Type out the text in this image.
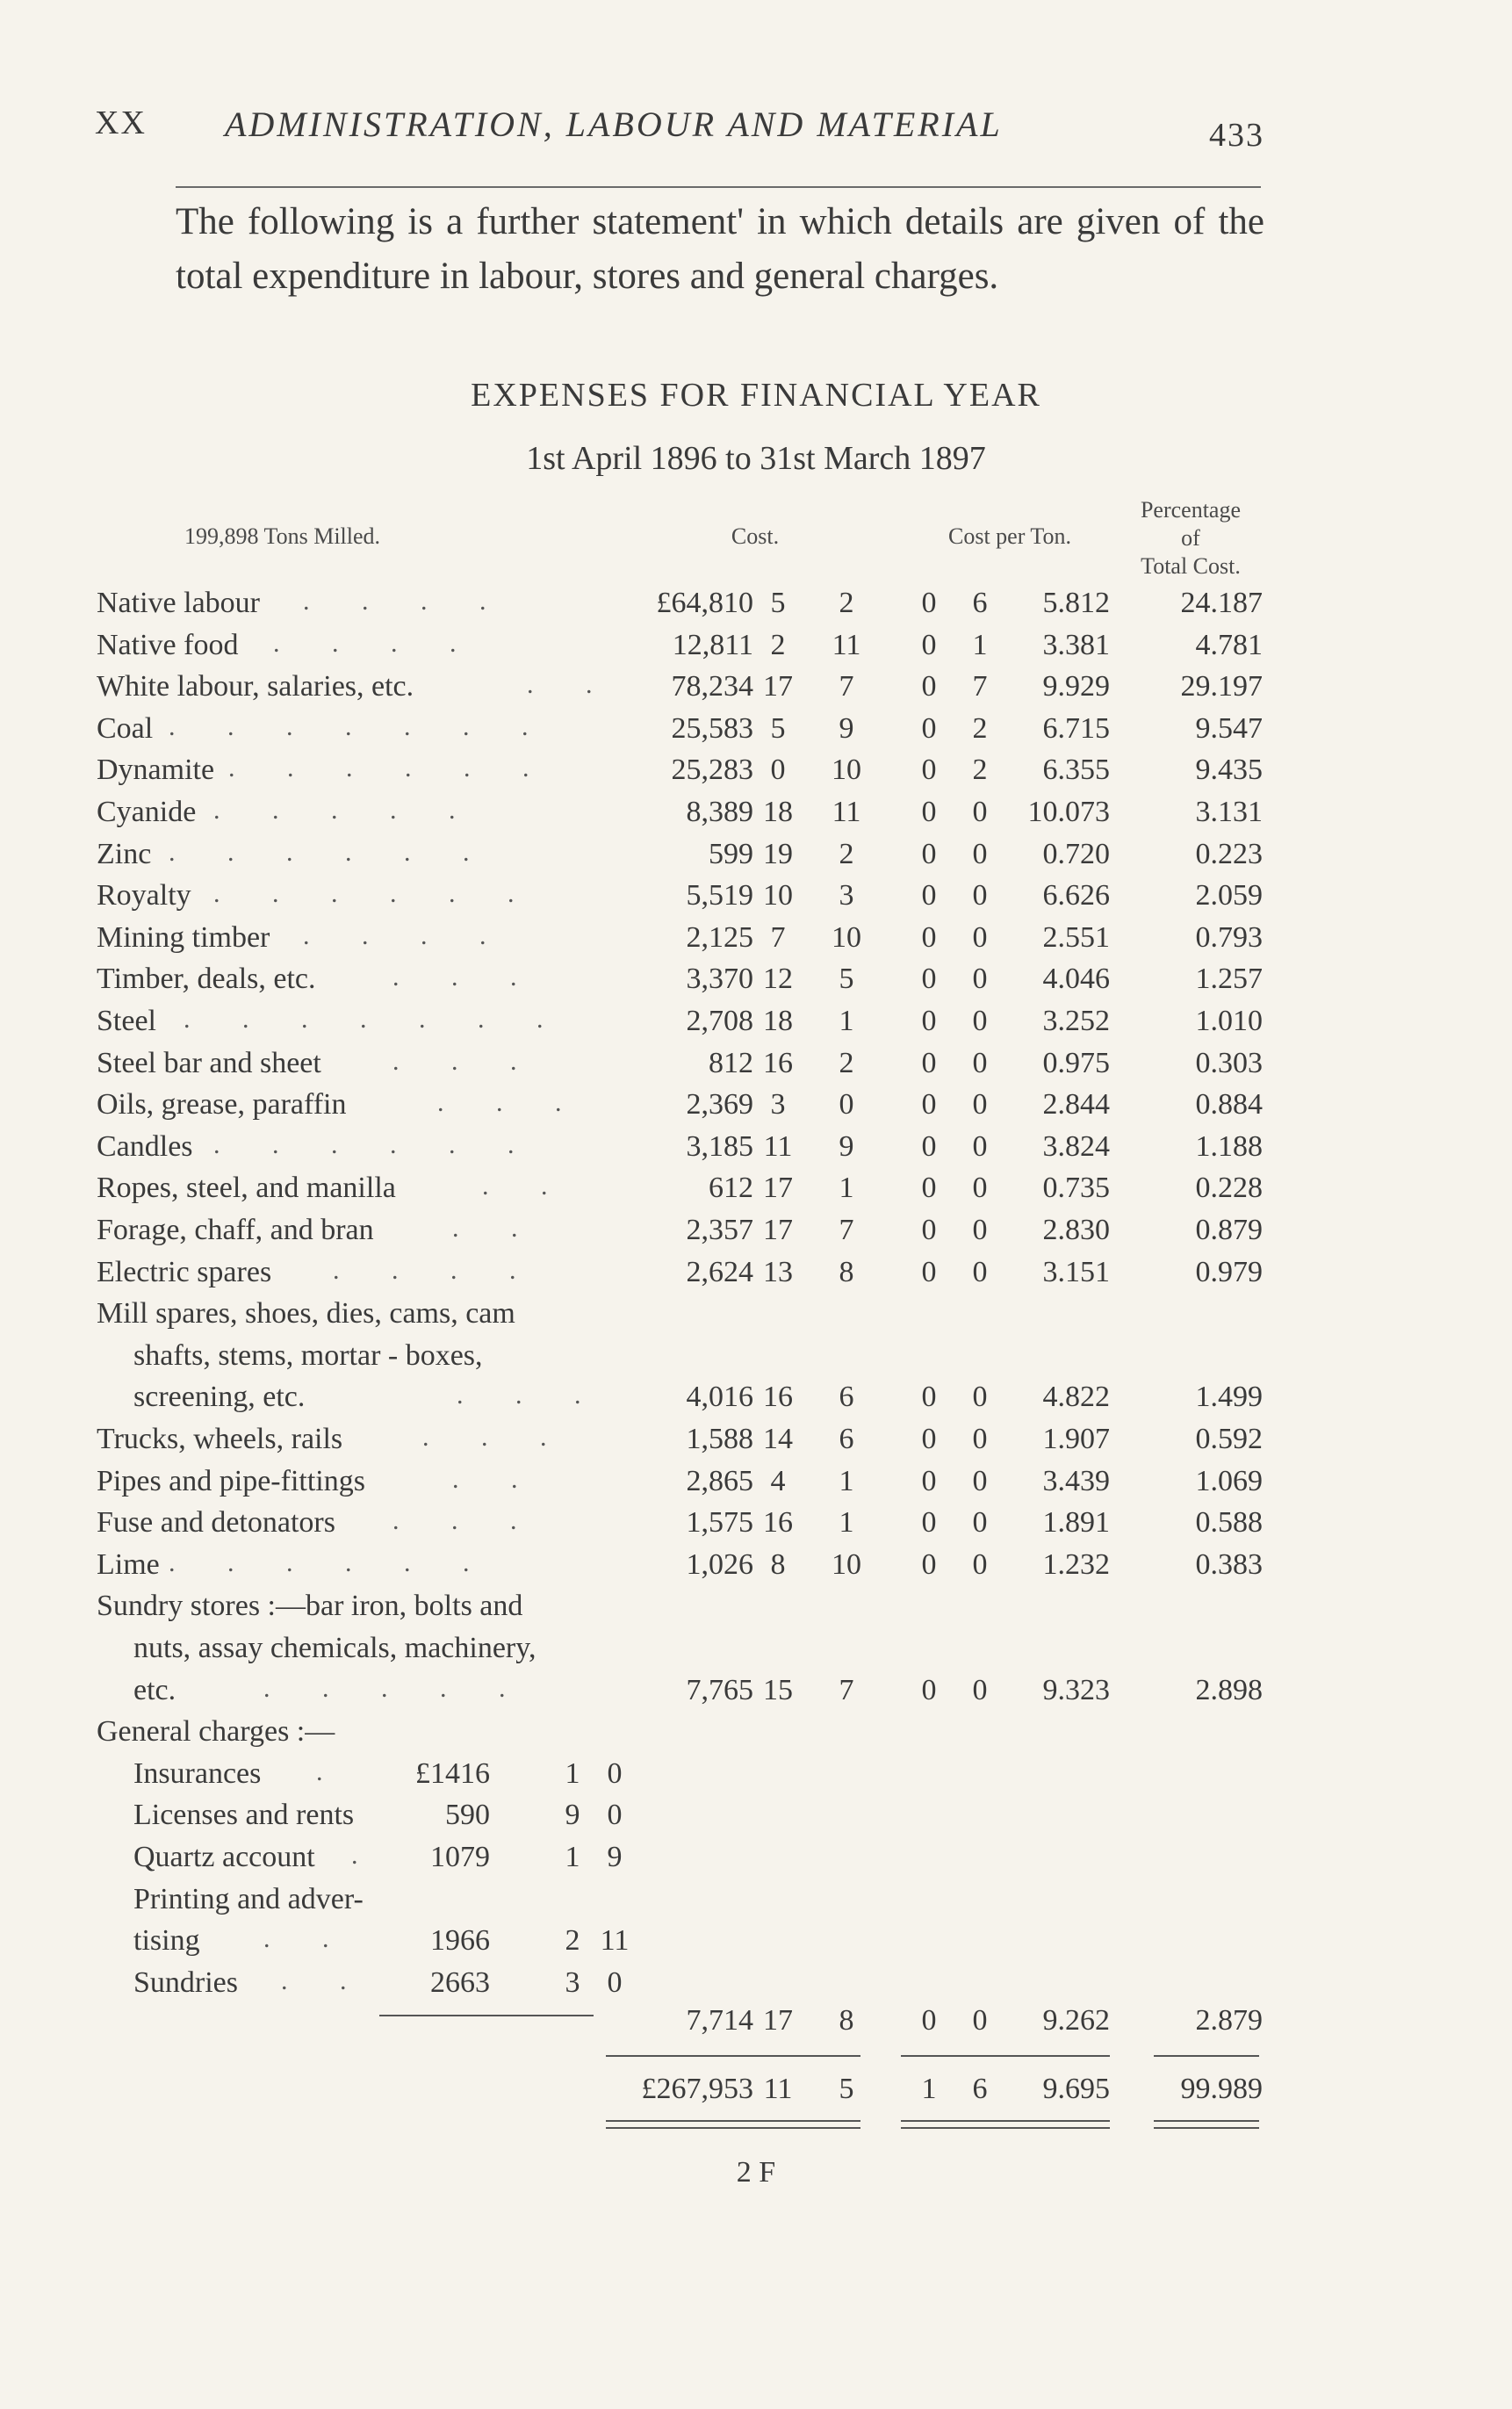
XX ADMINISTRATION, LABOUR AND MATERIAL	433
The following is a further statement' in which details are given of the total expenditure in labour, stores and general charges.
EXPENSES FOR FINANCIAL YEAR
1st April 1896 to 31st March 1897
199,898 Tons Milled.	Cost.	Cost per Ton.
Percentage
of
Total Cost.
Native labour . . . .	£64,810 5	2	0	6	5.812 24.187
Native food . . . .	12,811 2	11	0	1	3.381	4.781
White labour, salaries, etc.	. . 78,234 17	7	0	7	9.929 29.197
Coal . . . . . . .	25,583 5	9	0	2	6.715	9.547
Dynamite . . . . . .	25,283 0	10	0	2	6.355	9.435
Cyanide . . . . .	8,389 18	11	0	0	10.073	3.131
Zinc . . . . . .	599 19	2	0	0	0.720	0.223
Royalty . . . . . .	5,519 10	3	0	0	6.626	2.059
Mining timber . . . .	2,125 7	10	0	0	2.551	0.793
Timber, deals, etc.	. . .	3,370 12	5	0	0	4.046	1.257
Steel . . . . . . .	2,708 18	1	0	0	3.252	1.010
Steel bar and sheet	. . .	812 16	2	0	0	0.975	0.303
Oils, grease, paraffin	. . .	2,369 3	0	0	0	2.844	0.884
Candles . . . . . .	3,185 11	9	0	0	3.824	1.188
Ropes, steel, and manilla	. .	612 17	1	0	0	0.735	0.228
Forage, chaff, and bran	. .	2,357 17	7	0	0	2.830	0.879
Electric spares . . . .	2,624 13	8	0	0	3.151	0.979
Mill spares, shoes, dies, cams, cam
shafts, stems, mortar - boxes,
screening, etc.	. . .	4,016 16	6	0	0	4.822	1.499
Trucks, wheels, rails	. . .	1,588 14	6	0	0	1.907	0.592
Pipes and pipe-fittings	. .	2,865 4	1	0	0	3.439	1.069
Fuse and detonators . . .	1,575 16	1	0	0	1.891	0.588
Lime . . . . . .	1,026 8	10	0	0	1.232	0.383
Sundry stores :—bar iron, bolts and
nuts, assay chemicals, machinery,
etc.	. . . . .	7,765 15	7	0	0	9.323	2.898
General charges :—
Insurances . £1416	1 0
Licenses and rents	590	9 0
Quartz account . 1079	1 9
Printing and adver-
tising . .	1966	2 11
Sundries . . 2663	3 0
7,714 17	8	0	0	9.262	2.879
£267,953 11	5	1	6	9.695 99.989
2 F
